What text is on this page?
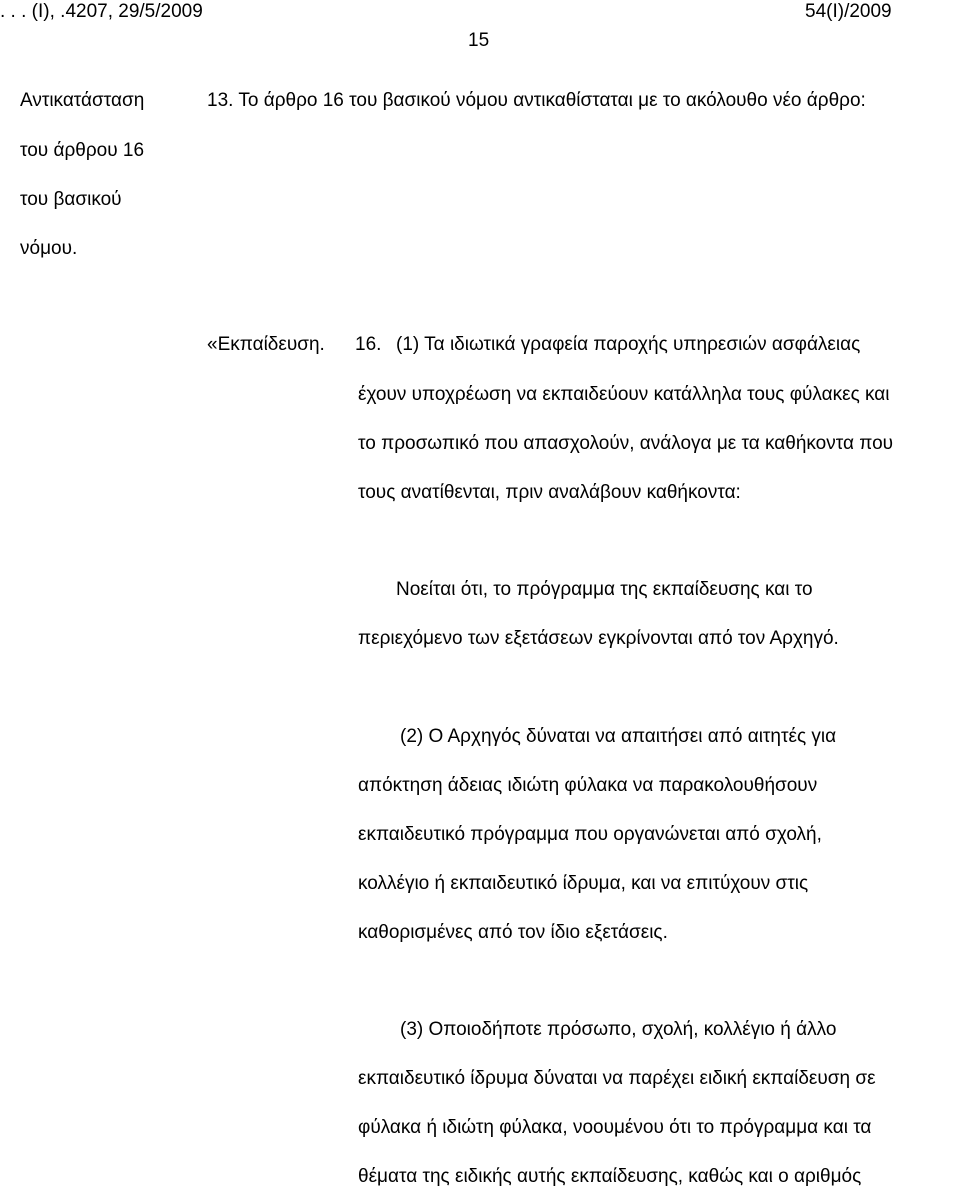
. . . (Ι), .4207, 29/5/2009	54(I)/2009
15
Αντικατάσταση
του άρθρου 16
του βασικού
νόμου.
13. Το άρθρο 16 του βασικού νόμου αντικαθίσταται με το ακόλουθο νέο άρθρο:
«Εκπαίδευση. 16. (1) Τα ιδιωτικά γραφεία παροχής υπηρεσιών ασφάλειας
έχουν υποχρέωση να εκπαιδεύουν κατάλληλα τους φύλακες και
το προσωπικό που απασχολούν, ανάλογα με τα καθήκοντα που
τους ανατίθενται, πριν αναλάβουν καθήκοντα:
Νοείται ότι, το πρόγραμμα της εκπαίδευσης και το
περιεχόμενο των εξετάσεων εγκρίνονται από τον Αρχηγό.
(2) Ο Αρχηγός δύναται να απαιτήσει από αιτητές για
απόκτηση άδειας ιδιώτη φύλακα να παρακολουθήσουν
εκπαιδευτικό πρόγραμμα που οργανώνεται από σχολή,
κολλέγιο ή εκπαιδευτικό ίδρυμα, και να επιτύχουν στις
καθορισμένες από τον ίδιο εξετάσεις.
(3) Οποιοδήποτε πρόσωπο, σχολή, κολλέγιο ή άλλο
εκπαιδευτικό ίδρυμα δύναται να παρέχει ειδική εκπαίδευση σε
φύλακα ή ιδιώτη φύλακα, νοουμένου ότι το πρόγραμμα και τα
θέματα της ειδικής αυτής εκπαίδευσης, καθώς και ο αριθμός
